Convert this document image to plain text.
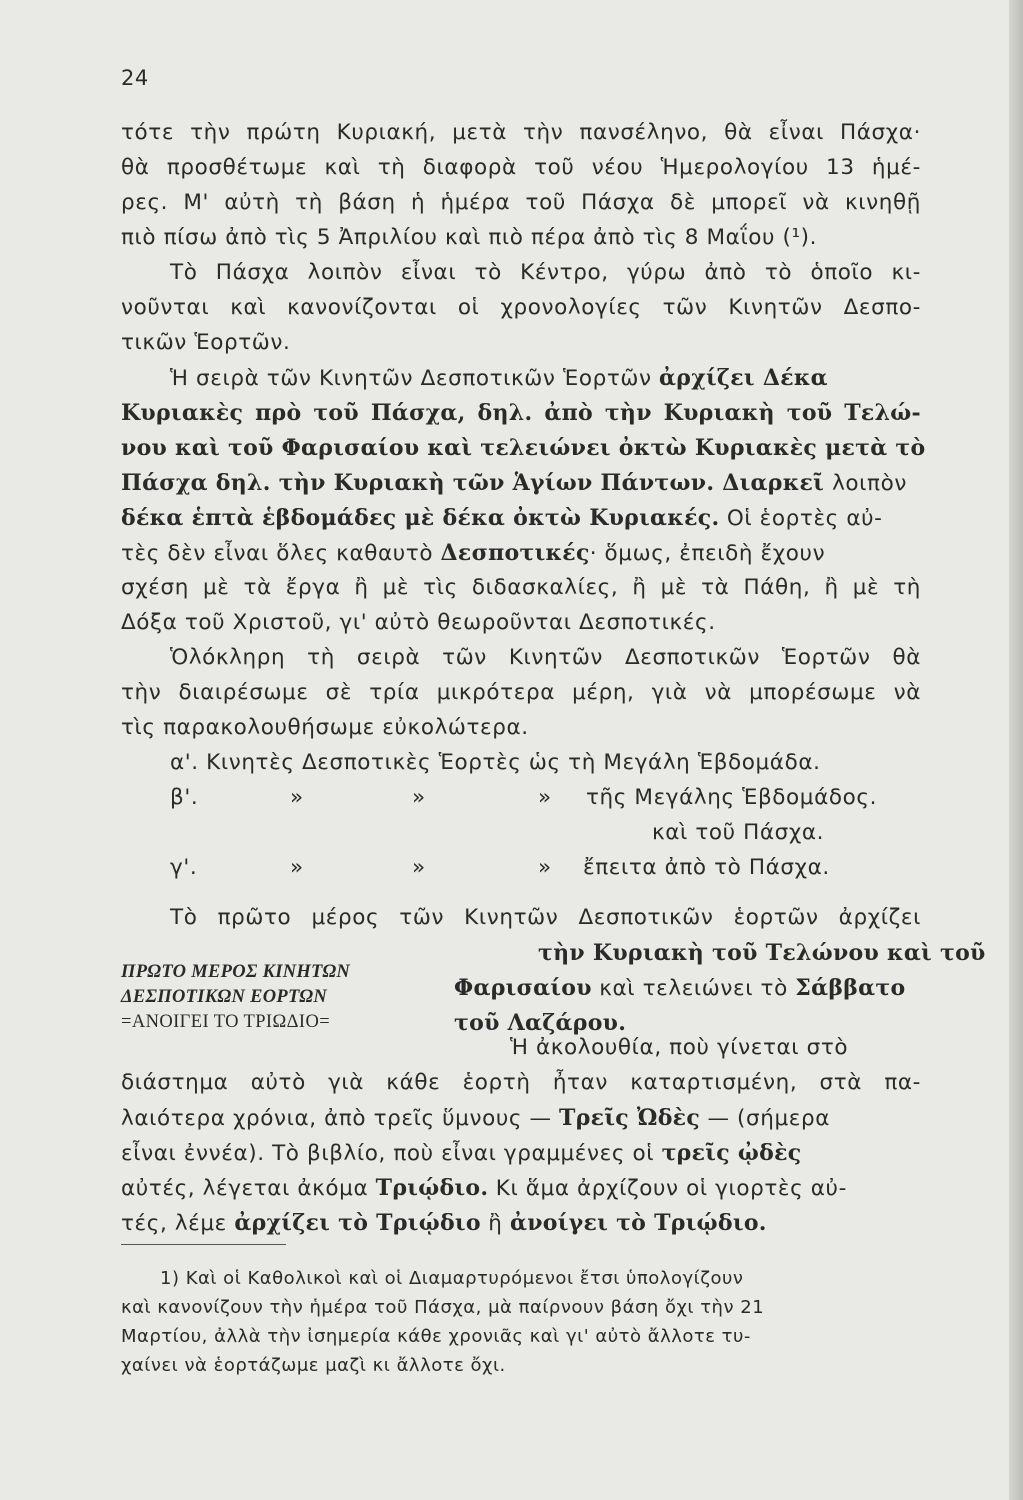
24
τότε τὴν πρώτη Κυριακή, μετὰ τὴν πανσέληνο, θὰ εἶναι Πάσχα·
θὰ προσθέτωμε καὶ τὴ διαφορὰ τοῦ νέου Ἡμερολογίου 13 ἡμέ-
ρες. Μ' αὐτὴ τὴ βάση ἡ ἡμέρα τοῦ Πάσχα δὲ μπορεῖ νὰ κινηθῇ
πιὸ πίσω ἀπὸ τὶς 5 Ἀπριλίου καὶ πιὸ πέρα ἀπὸ τὶς 8 Μαΐου (¹).
Τὸ Πάσχα λοιπὸν εἶναι τὸ Κέντρο, γύρω ἀπὸ τὸ ὁποῖο κι-
νοῦνται καὶ κανονίζονται οἱ χρονολογίες τῶν Κινητῶν Δεσπο-
τικῶν Ἑορτῶν.
Ἡ σειρὰ τῶν Κινητῶν Δεσποτικῶν Ἑορτῶν ἀρχίζει Δέκα
Κυριακὲς πρὸ τοῦ Πάσχα, δηλ. ἀπὸ τὴν Κυριακὴ τοῦ Τελώ-
νου καὶ τοῦ Φαρισαίου καὶ τελειώνει ὀκτὼ Κυριακὲς μετὰ τὸ
Πάσχα δηλ. τὴν Κυριακὴ τῶν Ἁγίων Πάντων. Διαρκεῖ λοιπὸν
δέκα ἑπτὰ ἑβδομάδες μὲ δέκα ὀκτὼ Κυριακές. Οἱ ἑορτὲς αὐ-
τὲς δὲν εἶναι ὅλες καθαυτὸ Δεσποτικές· ὅμως, ἐπειδὴ ἔχουν
σχέση μὲ τὰ ἔργα ἢ μὲ τὶς διδασκαλίες, ἢ μὲ τὰ Πάθη, ἢ μὲ τὴ
Δόξα τοῦ Χριστοῦ, γι' αὐτὸ θεωροῦνται Δεσποτικές.
Ὁλόκληρη τὴ σειρὰ τῶν Κινητῶν Δεσποτικῶν Ἑορτῶν θὰ
τὴν διαιρέσωμε σὲ τρία μικρότερα μέρη, γιὰ νὰ μπορέσωμε νὰ
τὶς παρακολουθήσωμε εὐκολώτερα.
α'. Κινητὲς Δεσποτικὲς Ἑορτὲς ὡς τὴ Μεγάλη Ἑβδομάδα.
β'.	»	»	» τῆς Μεγάλης Ἑβδομάδος.
καὶ τοῦ Πάσχα.
γ'.	»	»	» ἔπειτα ἀπὸ τὸ Πάσχα.
Τὸ πρῶτο μέρος τῶν Κινητῶν Δεσποτικῶν ἑορτῶν ἀρχίζει
τὴν Κυριακὴ τοῦ Τελώνου καὶ τοῦ
Φαρισαίου καὶ τελειώνει τὸ Σάββατο
τοῦ Λαζάρου.
ΠΡΩΤΟ ΜΕΡΟΣ ΚΙΝΗΤΩΝ
ΔΕΣΠΟΤΙΚΩΝ ΕΟΡΤΩΝ
=ΑΝΟΙΓΕΙ ΤΟ ΤΡΙΩΔΙΟ=
Ἡ ἀκολουθία, ποὺ γίνεται στὸ
διάστημα αὐτὸ γιὰ κάθε ἑορτὴ ἦταν καταρτισμένη, στὰ πα-
λαιότερα χρόνια, ἀπὸ τρεῖς ὕμνους — Τρεῖς Ὠδὲς — (σήμερα
εἶναι ἐννέα). Τὸ βιβλίο, ποὺ εἶναι γραμμένες οἱ τρεῖς ᾠδὲς
αὐτές, λέγεται ἀκόμα Τριῴδιο. Κι ἅμα ἀρχίζουν οἱ γιορτὲς αὐ-
τές, λέμε ἀρχίζει τὸ Τριῴδιο ἢ ἀνοίγει τὸ Τριῴδιο.
1) Καὶ οἱ Καθολικοὶ καὶ οἱ Διαμαρτυρόμενοι ἔτσι ὑπολογίζουν
καὶ κανονίζουν τὴν ἡμέρα τοῦ Πάσχα, μὰ παίρνουν βάση ὄχι τὴν 21
Μαρτίου, ἀλλὰ τὴν ἰσημερία κάθε χρονιᾶς καὶ γι' αὐτὸ ἄλλοτε τυ-
χαίνει νὰ ἑορτάζωμε μαζὶ κι ἄλλοτε ὄχι.
